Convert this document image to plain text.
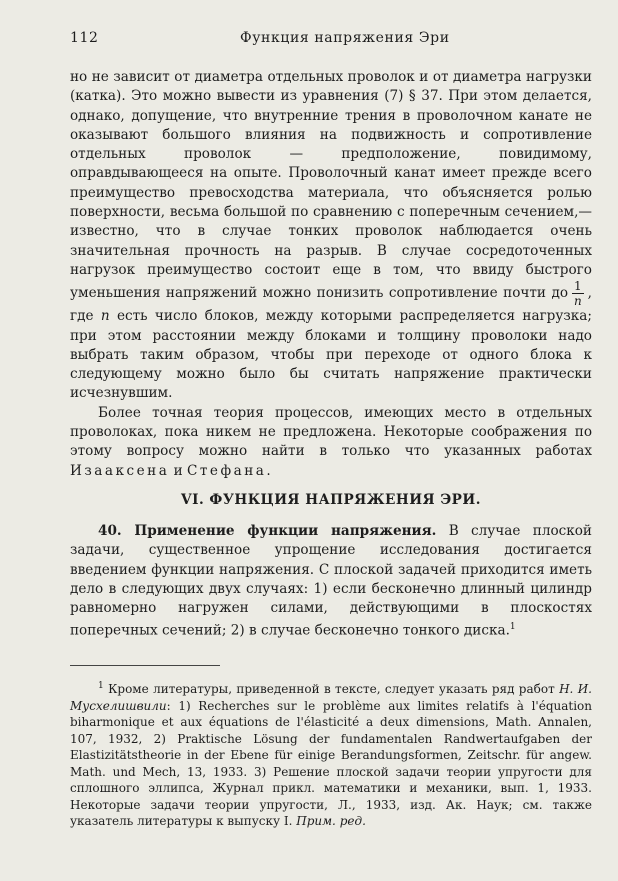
112	Функция напряжения Эри

но не зависит от диаметра отдельных проволок и от диаметра нагрузки (катка). Это можно вывести из уравнения (7) § 37. При этом делается, однако, допущение, что внутренние трения в проволочном канате не оказывают большого влияния на подвижность и сопротивление отдельных проволок — предположение, повидимому, оправдывающееся на опыте. Проволочный канат имеет прежде всего преимущество превосходства материала, что объясняется ролью поверхности, весьма большой по сравнению с поперечным сечением,—известно, что в случае тонких проволок наблюдается очень значительная прочность на разрыв. В случае сосредоточенных нагрузок преимущество состоит еще в том, что ввиду быстрого уменьшения напряжений можно понизить сопротивление почти до $\frac{1}{n}$ , где n есть число блоков, между которыми распределяется нагрузка; при этом расстоянии между блоками и толщину проволоки надо выбрать таким образом, чтобы при переходе от одного блока к следующему можно было бы считать напряжение практически исчезнувшим.

Более точная теория процессов, имеющих место в отдельных проволоках, пока никем не предложена. Некоторые соображения по этому вопросу можно найти в только что указанных работах Изааксена и Стефана.

VI. ФУНКЦИЯ НАПРЯЖЕНИЯ ЭРИ.

40. Применение функции напряжения. В случае плоской задачи, существенное упрощение исследования достигается введением функции напряжения. С плоской задачей приходится иметь дело в следующих двух случаях: 1) если бесконечно длинный цилиндр равномерно нагружен силами, действующими в плоскостях поперечных сечений; 2) в случае бесконечно тонкого диска.$^1$

$^1$ Кроме литературы, приведенной в тексте, следует указать ряд работ Н. И. Мусхелишвили: 1) Recherches sur le problème aux limites relatifs à l'équation biharmonique et aux équations de l'élasticité a deux dimensions, Math. Annalen, 107, 1932, 2) Praktische Lösung der fundamentalen Randwertaufgaben der Elastizitätstheorie in der Ebene für einige Berandungsformen, Zeitschr. für angew. Math. und Mech, 13, 1933. 3) Решение плоской задачи теории упругости для сплошного эллипса, Журнал прикл. математики и механики, вып. 1, 1933. Некоторые задачи теории упругости, Л., 1933, изд. Ак. Наук; см. также указатель литературы к выпуску I. Прим. ред.
